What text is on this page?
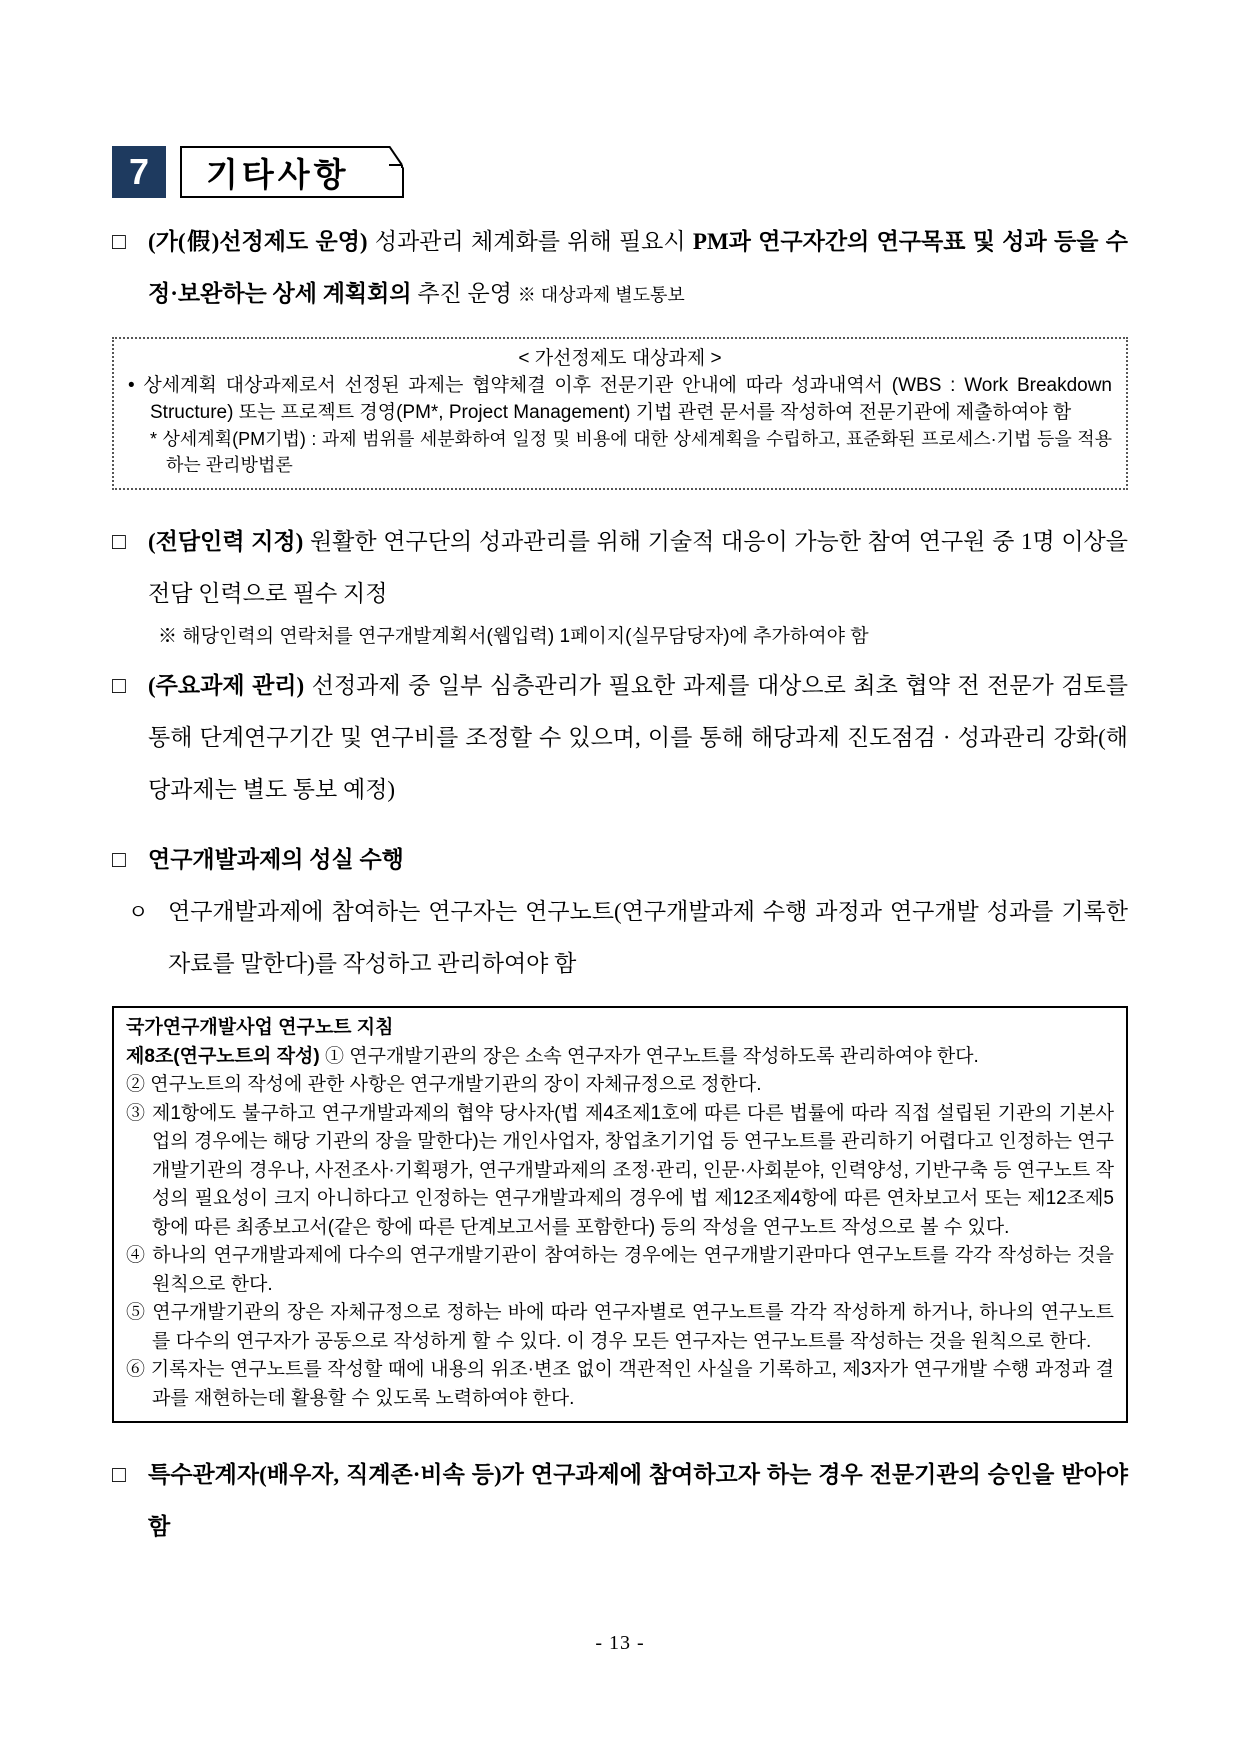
7	기타사항
□ (가(假)선정제도 운영) 성과관리 체계화를 위해 필요시 PM과 연구자간의 연구목표 및 성과 등을 수정·보완하는 상세 계획회의 추진 운영 ※ 대상과제 별도통보
< 가선정제도 대상과제 >
• 상세계획 대상과제로서 선정된 과제는 협약체결 이후 전문기관 안내에 따라 성과내역서 (WBS : Work Breakdown Structure) 또는 프로젝트 경영(PM*, Project Management) 기법 관련 문서를 작성하여 전문기관에 제출하여야 함
* 상세계획(PM기법) : 과제 범위를 세분화하여 일정 및 비용에 대한 상세계획을 수립하고, 표준화된 프로세스·기법 등을 적용하는 관리방법론
□ (전담인력 지정) 원활한 연구단의 성과관리를 위해 기술적 대응이 가능한 참여 연구원 중 1명 이상을 전담 인력으로 필수 지정
※ 해당인력의 연락처를 연구개발계획서(웹입력) 1페이지(실무담당자)에 추가하여야 함
□ (주요과제 관리) 선정과제 중 일부 심층관리가 필요한 과제를 대상으로 최초 협약 전 전문가 검토를 통해 단계연구기간 및 연구비를 조정할 수 있으며, 이를 통해 해당과제 진도점검 · 성과관리 강화(해당과제는 별도 통보 예정)
□ 연구개발과제의 성실 수행
ㅇ 연구개발과제에 참여하는 연구자는 연구노트(연구개발과제 수행 과정과 연구개발 성과를 기록한 자료를 말한다)를 작성하고 관리하여야 함
국가연구개발사업 연구노트 지침
제8조(연구노트의 작성) ① 연구개발기관의 장은 소속 연구자가 연구노트를 작성하도록 관리하여야 한다.
② 연구노트의 작성에 관한 사항은 연구개발기관의 장이 자체규정으로 정한다.
③ 제1항에도 불구하고 연구개발과제의 협약 당사자(법 제4조제1호에 따른 다른 법률에 따라 직접 설립된 기관의 기본사업의 경우에는 해당 기관의 장을 말한다)는 개인사업자, 창업초기기업 등 연구노트를 관리하기 어렵다고 인정하는 연구개발기관의 경우나, 사전조사·기획평가, 연구개발과제의 조정·관리, 인문·사회분야, 인력양성, 기반구축 등 연구노트 작성의 필요성이 크지 아니하다고 인정하는 연구개발과제의 경우에 법 제12조제4항에 따른 연차보고서 또는 제12조제5항에 따른 최종보고서(같은 항에 따른 단계보고서를 포함한다) 등의 작성을 연구노트 작성으로 볼 수 있다.
④ 하나의 연구개발과제에 다수의 연구개발기관이 참여하는 경우에는 연구개발기관마다 연구노트를 각각 작성하는 것을 원칙으로 한다.
⑤ 연구개발기관의 장은 자체규정으로 정하는 바에 따라 연구자별로 연구노트를 각각 작성하게 하거나, 하나의 연구노트를 다수의 연구자가 공동으로 작성하게 할 수 있다. 이 경우 모든 연구자는 연구노트를 작성하는 것을 원칙으로 한다.
⑥ 기록자는 연구노트를 작성할 때에 내용의 위조·변조 없이 객관적인 사실을 기록하고, 제3자가 연구개발 수행 과정과 결과를 재현하는데 활용할 수 있도록 노력하여야 한다.
□ 특수관계자(배우자, 직계존·비속 등)가 연구과제에 참여하고자 하는 경우 전문기관의 승인을 받아야 함
- 13 -
